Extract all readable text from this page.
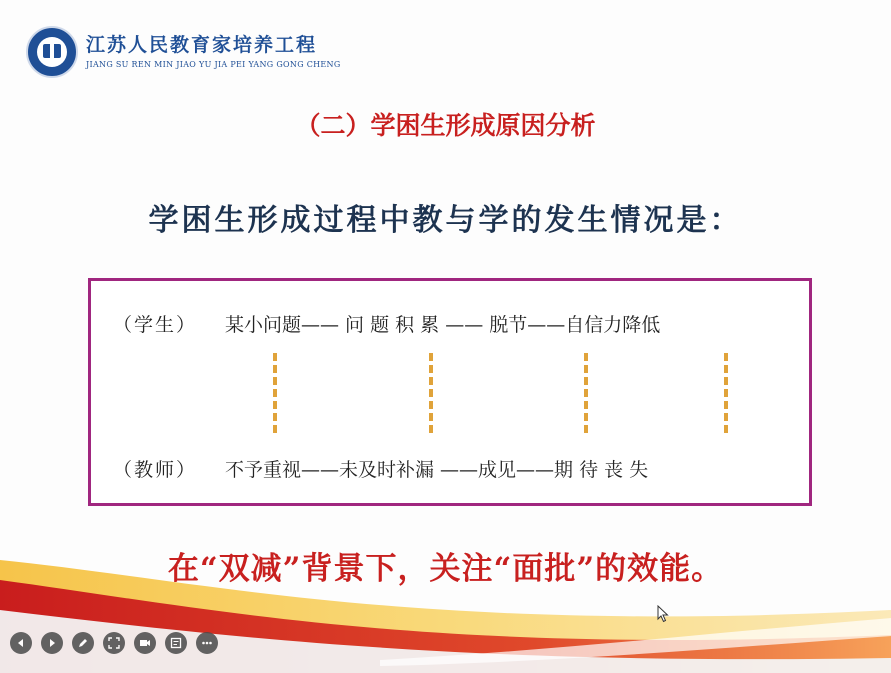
江苏人民教育家培养工程
JIANG SU REN MIN JIAO YU JIA PEI YANG GONG CHENG
（二）学困生形成原因分析
学困生形成过程中教与学的发生情况是：
（学生）	某小问题—— 问 题 积 累 —— 脱节——自信力降低
（教师）	不予重视——未及时补漏 ——成见——期 待 丧 失
在“双减”背景下，关注“面批”的效能。
